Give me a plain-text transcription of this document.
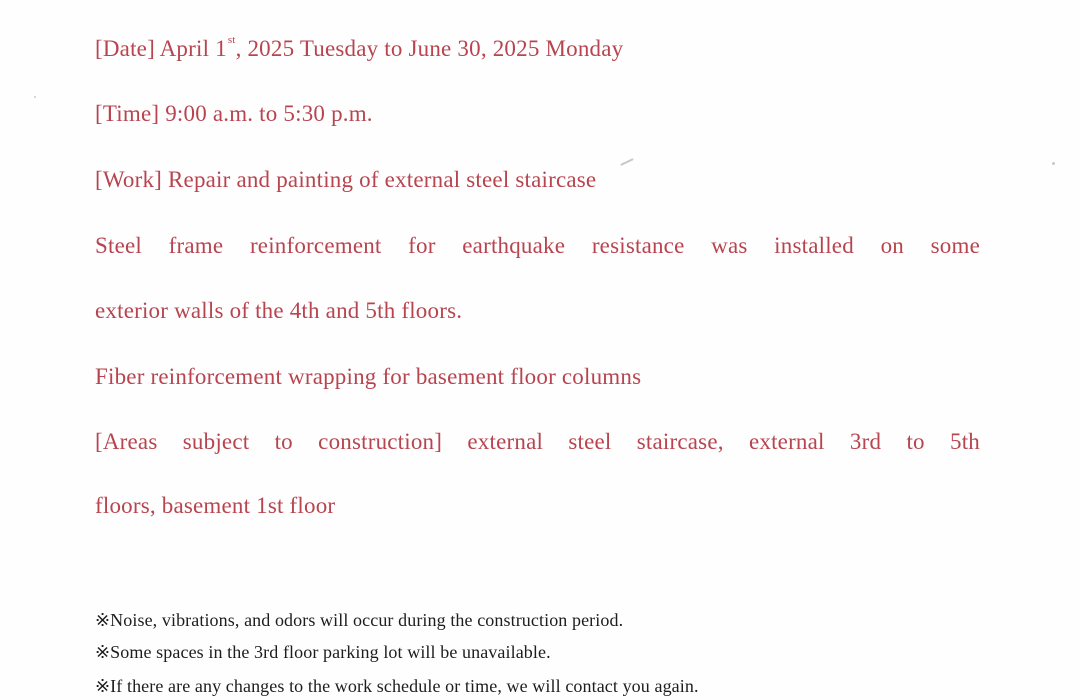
[Date] April 1st, 2025 Tuesday to June 30, 2025 Monday
[Time] 9:00 a.m. to 5:30 p.m.
[Work] Repair and painting of external steel staircase
Steel frame reinforcement for earthquake resistance was installed on some
exterior walls of the 4th and 5th floors.
Fiber reinforcement wrapping for basement floor columns
[Areas subject to construction] external steel staircase, external 3rd to 5th
floors, basement 1st floor
※Noise, vibrations, and odors will occur during the construction period.
※Some spaces in the 3rd floor parking lot will be unavailable.
※If there are any changes to the work schedule or time, we will contact you again.
